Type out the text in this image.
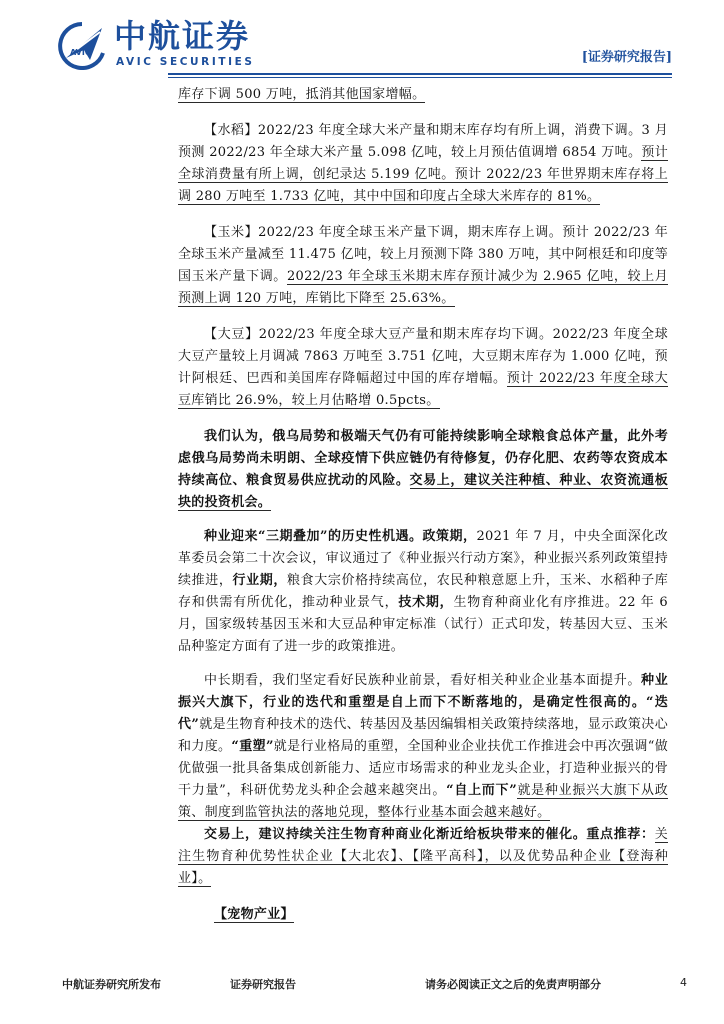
AVIC 中航证券
AVIC SECURITIES	[证券研究报告]

库存下调 500 万吨，抵消其他国家增幅。

【水稻】2022/23 年度全球大米产量和期末库存均有所上调，消费下调。3 月预测 2022/23 年全球大米产量 5.098 亿吨，较上月预估值调增 6854 万吨。预计全球消费量有所上调，创纪录达 5.199 亿吨。预计 2022/23 年世界期末库存将上调 280 万吨至 1.733 亿吨，其中中国和印度占全球大米库存的 81%。

【玉米】2022/23 年度全球玉米产量下调，期末库存上调。预计 2022/23 年全球玉米产量减至 11.475 亿吨，较上月预测下降 380 万吨，其中阿根廷和印度等国玉米产量下调。2022/23 年全球玉米期末库存预计减少为 2.965 亿吨，较上月预测上调 120 万吨，库销比下降至 25.63%。

【大豆】2022/23 年度全球大豆产量和期末库存均下调。2022/23 年度全球大豆产量较上月调减 7863 万吨至 3.751 亿吨，大豆期末库存为 1.000 亿吨，预计阿根廷、巴西和美国库存降幅超过中国的库存增幅。预计 2022/23 年度全球大豆库销比 26.9%，较上月估略增 0.5pcts。

我们认为，俄乌局势和极端天气仍有可能持续影响全球粮食总体产量，此外考虑俄乌局势尚未明朗、全球疫情下供应链仍有待修复，仍存化肥、农药等农资成本持续高位、粮食贸易供应扰动的风险。交易上，建议关注种植、种业、农资流通板块的投资机会。

种业迎来“三期叠加”的历史性机遇。政策期，2021 年 7 月，中央全面深化改革委员会第二十次会议，审议通过了《种业振兴行动方案》，种业振兴系列政策望持续推进，行业期，粮食大宗价格持续高位，农民种粮意愿上升，玉米、水稻种子库存和供需有所优化，推动种业景气，技术期，生物育种商业化有序推进。22 年 6 月，国家级转基因玉米和大豆品种审定标准（试行）正式印发，转基因大豆、玉米品种鉴定方面有了进一步的政策推进。

中长期看，我们坚定看好民族种业前景，看好相关种业企业基本面提升。种业振兴大旗下，行业的迭代和重塑是自上而下不断落地的，是确定性很高的。“迭代”就是生物育种技术的迭代、转基因及基因编辑相关政策持续落地，显示政策决心和力度。“重塑”就是行业格局的重塑，全国种业企业扶优工作推进会中再次强调“做优做强一批具备集成创新能力、适应市场需求的种业龙头企业，打造种业振兴的骨干力量”，科研优势龙头种企会越来越突出。“自上而下”就是种业振兴大旗下从政策、制度到监管执法的落地兑现，整体行业基本面会越来越好。

交易上，建议持续关注生物育种商业化渐近给板块带来的催化。重点推荐：关注生物育种优势性状企业【大北农】、【隆平高科】，以及优势品种企业【登海种业】。

【宠物产业】

中航证券研究所发布	证券研究报告	请务必阅读正文之后的免责声明部分	4
